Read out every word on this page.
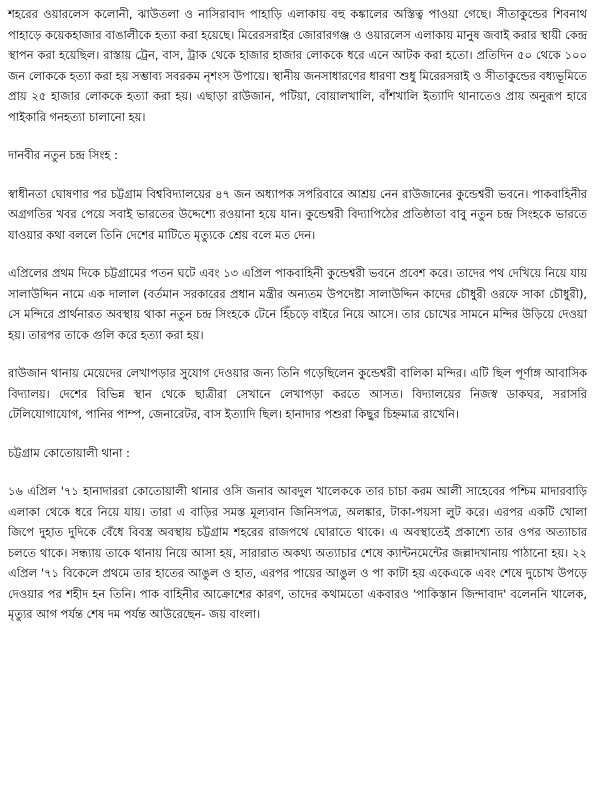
শহরের ওয়ারলেস কলোনী, ঝাউতলা ও নাসিরাবাদ পাহাড়ি এলাকায় বহু কঙ্কালের অস্তিত্ব পাওয়া গেছে। সীতাকুন্ডের শিবনাথ পাহাড়ে কয়েকহাজার বাঙালীকে হত্যা করা হয়েছে। মিরেরসরাইর জোরারগঞ্জ ও ওয়ারলেস এলাকায় মানুষ জবাই করার স্থায়ী কেন্দ্র স্থাপন করা হয়েছিল। রাস্তায় ট্রেন, বাস, ট্রাক থেকে হাজার হাজার লোককে ধরে এনে আটক করা হতো। প্রতিদিন ৫০ থেকে ১০০ জন লোককে হত্যা করা হয় সম্ভাব্য সবরকম নৃশংস উপায়ে। স্থানীয় জনসাধারণের ধারণা শুধু মিরেরসরাই ও সীতাকুন্ডের বধ্যভূমিতে প্রায় ২৫ হাজার লোককে হত্যা করা হয়। এছাড়া রাউজান, পটিয়া, বোয়ালখালি, বাঁশখালি ইত্যাদি থানাতেও প্রায় অনুরূপ হারে পাইকারি গনহত্যা চালানো হয়।

দানবীর নতুন চন্দ্র সিংহ :

স্বাধীনতা ঘোষণার পর চট্টগ্রাম বিশ্ববিদ্যালয়ের ৪৭ জন অধ্যাপক সপরিবারে আশ্রয় নেন রাউজানের কুন্ডেশ্বরী ভবনে। পাকবাহিনীর অগ্রগতির খবর পেয়ে সবাই ভারতের উদ্দেশ্যে রওয়ানা হয়ে যান। কুন্ডেশ্বরী বিদ্যাপিঠের প্রতিষ্ঠাতা বাবু নতুন চন্দ্র সিংহকে ভারতে যাওয়ার কথা বললে তিনি দেশের মাটিতে মৃত্যুকে শ্রেয় বলে মত দেন।

এপ্রিলের প্রথম দিকে চট্টগ্রামের পতন ঘটে এবং ১৩ এপ্রিল পাকবাহিনী কুন্ডেশ্বরী ভবনে প্রবেশ করে। তাদের পথ দেখিয়ে নিয়ে যায় সালাউদ্দিন নামে এক দালাল (বর্তমান সরকারের প্রধান মন্ত্রীর অন্যতম উপদেষ্টা সালাউদ্দিন কাদের চৌধুরী ওরফে সাকা চৌধুরী), সে মন্দিরে প্রার্থনারত অবস্থায় থাকা নতুন চন্দ্র সিংহকে টেনে হিঁচড়ে বাইরে নিয়ে আসে। তার চোখের সামনে মন্দির উড়িয়ে দেওয়া হয়। তারপর তাকে গুলি করে হত্যা করা হয়।

রাউজান থানায় মেয়েদের লেখাপড়ার সুযোগ দেওয়ার জন্য তিনি গড়েছিলেন কুন্ডেশ্বরী বালিকা মন্দির। এটি ছিল পূর্ণাঙ্গ আবাসিক বিদ্যালয়। দেশের বিভিন্ন স্থান থেকে ছাত্রীরা সেখানে লেখাপড়া করতে আসত। বিদ্যালয়ের নিজস্ব ডাকঘর, সরাসরি টেলিযোগাযোগ, পানির পাম্প, জেনারেটর, বাস ইত্যাদি ছিল। হানাদার পশুরা কিছুর চিহ্নমাত্র রাখেনি।

চট্টগ্রাম কোতোয়ালী থানা :

১৬ এপ্রিল '৭১ হানাদাররা কোতোয়ালী থানার ওসি জনাব আবদুল খালেককে তার চাচা করম আলী সাহেবের পশ্চিম মাদারবাড়ি এলাকা থেকে ধরে নিয়ে যায়। তারা এ বাড়ির সমস্ত মূল্যবান জিনিসপত্র, অলঙ্কার, টাকা-পয়সা লুট করে। এরপর একটি খোলা জিপে দুহাত দুদিকে বেঁধে বিবস্ত্র অবস্থায় চট্টগ্রাম শহরের রাজপথে ঘোরাতে থাকে। এ অবস্থাতেই প্রকাশ্যে তার ওপর অত্যাচার চলতে থাকে। সন্ধ্যায় তাকে থানায় নিয়ে আসা হয়, সারারাত অকথ্য অত্যাচার শেষে ক্যান্টনমেন্টের জল্লাদখানায় পাঠানো হয়। ২২ এপ্রিল '৭১ বিকেলে প্রথমে তার হাতের আঙুল ও হাত, এরপর পায়ের আঙুল ও পা কাটা হয় একেএকে এবং শেষে দুচোখ উপড়ে দেওয়ার পর শহীদ হন তিনি। পাক বাহিনীর আক্রোশের কারণ, তাদের কথামতো একবারও 'পাকিস্তান জিন্দাবাদ' বলেননি খালেক, মৃত্যুর আগ পর্যন্ত শেষ দম পর্যন্ত আউরেছেন- জয় বাংলা।
